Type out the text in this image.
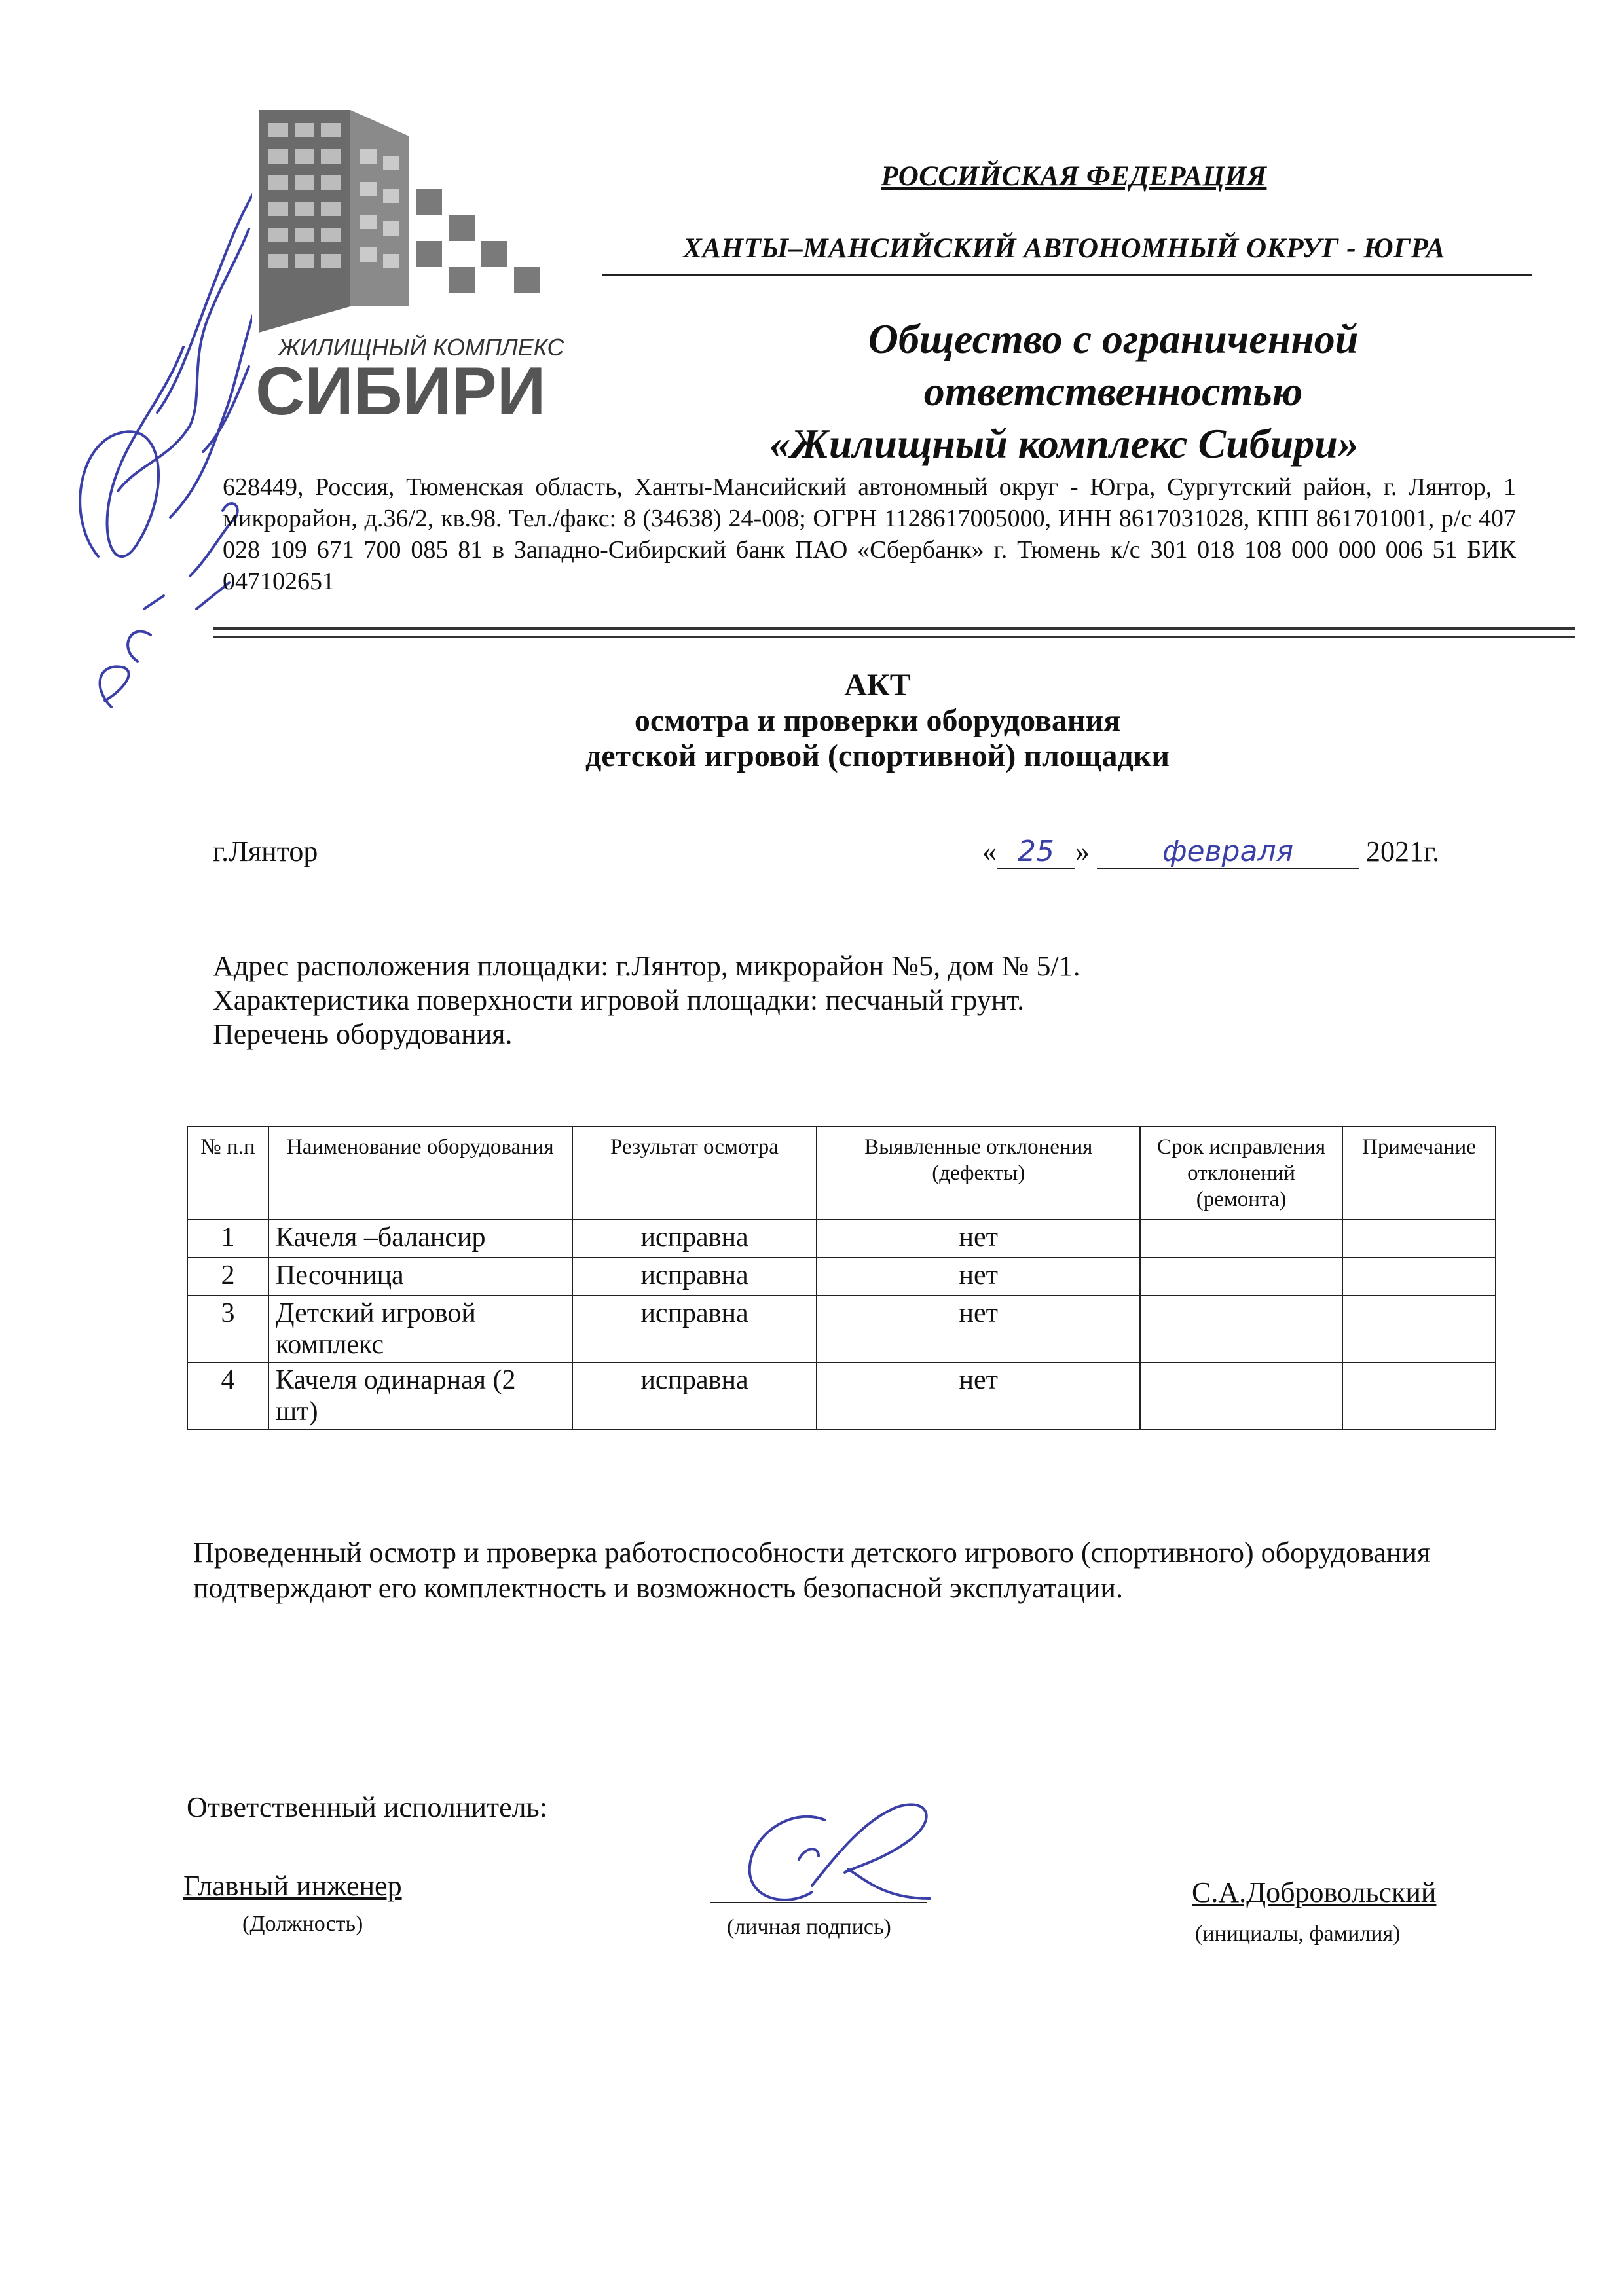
ЖИЛИЩНЫЙ КОМПЛЕКС
СИБИРИ
РОССИЙСКАЯ ФЕДЕРАЦИЯ
ХАНТЫ–МАНСИЙСКИЙ АВТОНОМНЫЙ ОКРУГ - ЮГРА
Общество с ограниченной
ответственностью
«Жилищный комплекс Сибири»
628449, Россия, Тюменская область, Ханты-Мансийский автономный округ - Югра, Сургутский район, г. Лянтор, 1 микрорайон, д.36/2, кв.98. Тел./факс: 8 (34638) 24-008; ОГРН 1128617005000, ИНН 8617031028, КПП 861701001, р/с 407 028 109 671 700 085 81 в Западно-Сибирский банк ПАО «Сбербанк» г. Тюмень к/с 301 018 108 000 000 006 51 БИК 047102651
АКТ
осмотра и проверки оборудования
детской игровой (спортивной) площадки
г.Лянтор	« 25 »	февраля	2021г.
Адрес расположения площадки: г.Лянтор, микрорайон №5, дом № 5/1.
Характеристика поверхности игровой площадки: песчаный грунт.
Перечень оборудования.
№ п.п	Наименование оборудования	Результат осмотра	Выявленные отклонения (дефекты)	Срок исправления отклонений (ремонта)	Примечание
1	Качеля –балансир	исправна	нет		
2	Песочница	исправна	нет		
3	Детский игровой комплекс	исправна	нет		
4	Качеля одинарная (2 шт)	исправна	нет		
Проведенный осмотр и проверка работоспособности детского игрового (спортивного) оборудования подтверждают его комплектность и возможность безопасной эксплуатации.
Ответственный исполнитель:
Главный инженер
(Должность)	(личная подпись)
С.А.Добровольский
(инициалы, фамилия)
